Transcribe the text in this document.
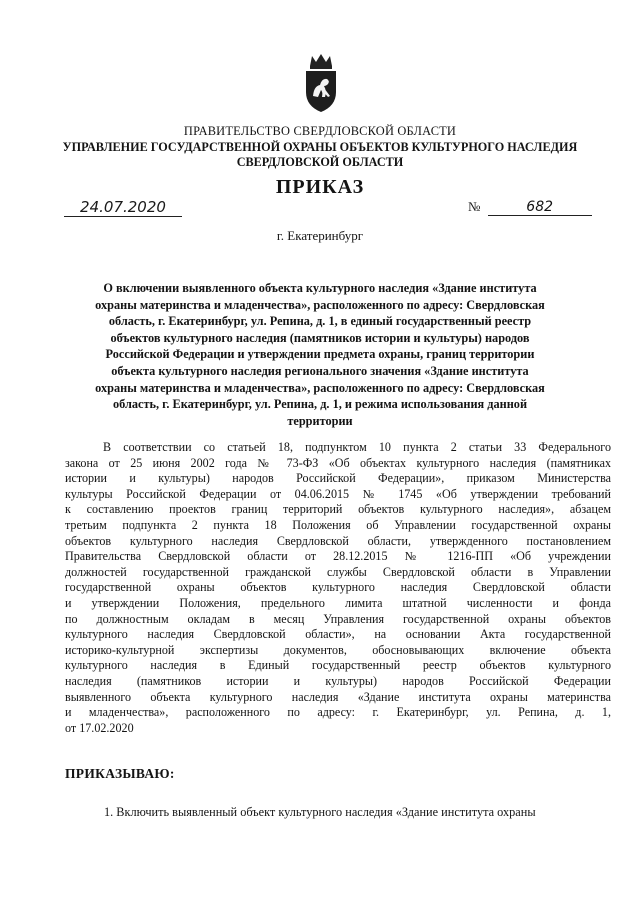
ПРАВИТЕЛЬСТВО СВЕРДЛОВСКОЙ ОБЛАСТИ
УПРАВЛЕНИЕ ГОСУДАРСТВЕННОЙ ОХРАНЫ ОБЪЕКТОВ КУЛЬТУРНОГО НАСЛЕДИЯ
СВЕРДЛОВСКОЙ ОБЛАСТИ
ПРИКАЗ
24.07.2020	№	682
г. Екатеринбург
О включении выявленного объекта культурного наследия «Здание института
охраны материнства и младенчества», расположенного по адресу: Свердловская
область, г. Екатеринбург, ул. Репина, д. 1, в единый государственный реестр
объектов культурного наследия (памятников истории и культуры) народов
Российской Федерации и утверждении предмета охраны, границ территории
объекта культурного наследия регионального значения «Здание института
охраны материнства и младенчества», расположенного по адресу: Свердловская
область, г. Екатеринбург, ул. Репина, д. 1, и режима использования данной
территории
В соответствии со статьей 18, подпунктом 10 пункта 2 статьи 33 Федерального
закона от 25 июня 2002 года № 73-ФЗ «Об объектах культурного наследия (памятниках
истории и культуры) народов Российской Федерации», приказом Министерства
культуры Российской Федерации от 04.06.2015 № 1745 «Об утверждении требований
к составлению проектов границ территорий объектов культурного наследия», абзацем
третьим подпункта 2 пункта 18 Положения об Управлении государственной охраны
объектов культурного наследия Свердловской области, утвержденного постановлением
Правительства Свердловской области от 28.12.2015 № 1216-ПП «Об учреждении
должностей государственной гражданской службы Свердловской области в Управлении
государственной охраны объектов культурного наследия Свердловской области
и утверждении Положения, предельного лимита штатной численности и фонда
по должностным окладам в месяц Управления государственной охраны объектов
культурного наследия Свердловской области», на основании Акта государственной
историко-культурной экспертизы документов, обосновывающих включение объекта
культурного наследия в Единый государственный реестр объектов культурного
наследия (памятников истории и культуры) народов Российской Федерации
выявленного объекта культурного наследия «Здание института охраны материнства
и младенчества», расположенного по адресу: г. Екатеринбург, ул. Репина, д. 1,
от 17.02.2020
ПРИКАЗЫВАЮ:
1. Включить выявленный объект культурного наследия «Здание института охраны
